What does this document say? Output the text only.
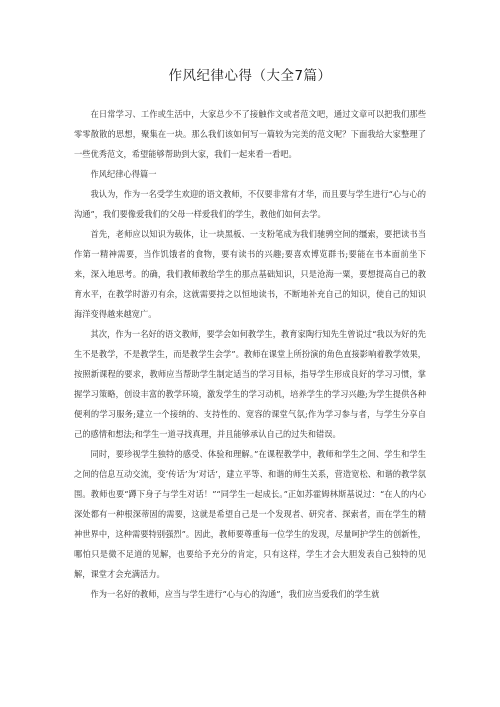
作风纪律心得（大全7篇）

在日常学习、工作或生活中，大家总少不了接触作文或者范文吧，通过文章可以把我们那些零零散散的思想，聚集在一块。那么我们该如何写一篇较为完美的范文呢？下面我给大家整理了一些优秀范文，希望能够帮助到大家，我们一起来看一看吧。

作风纪律心得篇一

我认为，作为一名受学生欢迎的语文教师，不仅要非常有才华，而且要与学生进行“心与心的沟通”，我们要像爱我们的父母一样爱我们的学生，教他们如何去学。

首先，老师应以知识为载体，让一块黑板、一支粉笔成为我们驰骋空间的缰索，要把读书当作第一精神需要，当作饥饿者的食物，要有读书的兴趣;要喜欢博览群书;要能在书本面前坐下来，深入地思考。的确，我们教师教给学生的那点基础知识，只是沧海一粟，要想提高自己的教育水平，在教学时游刃有余，这就需要持之以恒地读书，不断地补充自己的知识，使自己的知识海洋变得越来越宽广。

其次，作为一名好的语文教师，要学会如何教学生，教育家陶行知先生曾说过“我以为好的先生不是教学，不是教学生，而是教学生会学”。教师在课堂上所扮演的角色直接影响着教学效果，按照新课程的要求，教师应当帮助学生制定适当的学习目标，指导学生形成良好的学习习惯，掌握学习策略，创设丰富的教学环境，激发学生的学习动机，培养学生的学习兴趣;为学生提供各种便利的学习服务;建立一个接纳的、支持性的、宽容的课堂气氛;作为学习参与者，与学生分享自己的感情和想法;和学生一道寻找真理，并且能够承认自己的过失和错误。

同时，要珍视学生独特的感受、体验和理解。”在课程教学中，教师和学生之间、学生和学生之间的信息互动交流，变‘传话’为‘对话’，建立平等、和谐的师生关系，营造宽松、和谐的教学氛围。教师也要“蹲下身子与学生对话！”“同学生一起成长。”正如苏霍姆林斯基说过：“在人的内心深处都有一种根深蒂固的需要，这就是希望自己是一个发现者、研究者、探索者，而在学生的精神世界中，这种需要特别强烈”。因此，教师要尊重每一位学生的发现，尽量呵护学生的创新性，哪怕只是微不足道的见解，也要给予充分的肯定，只有这样，学生才会大胆发表自己独特的见解，课堂才会充满活力。

作为一名好的教师，应当与学生进行“心与心的沟通”，我们应当爱我们的学生就
